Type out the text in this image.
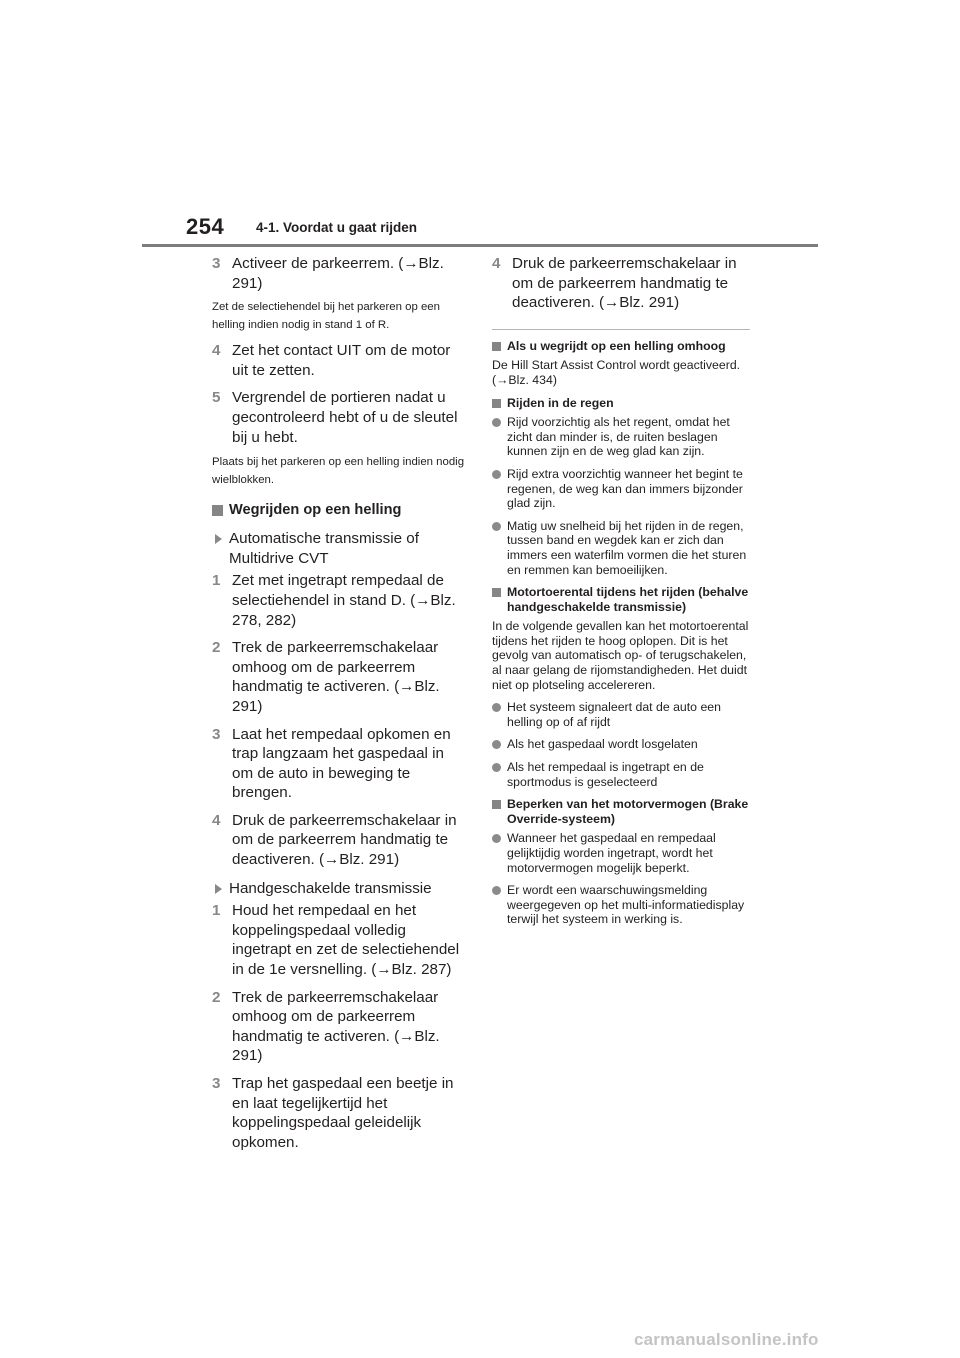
254 4-1. Voordat u gaat rijden
3 Activeer de parkeerrem. (→Blz. 291)
Zet de selectiehendel bij het parkeren op een helling indien nodig in stand 1 of R.
4 Zet het contact UIT om de motor uit te zetten.
5 Vergrendel de portieren nadat u gecontroleerd hebt of u de sleutel bij u hebt.
Plaats bij het parkeren op een helling indien nodig wielblokken.
Wegrijden op een helling
Automatische transmissie of Multidrive CVT
1 Zet met ingetrapt rempedaal de selectiehendel in stand D. (→Blz. 278, 282)
2 Trek de parkeerremschakelaar omhoog om de parkeerrem handmatig te activeren. (→Blz. 291)
3 Laat het rempedaal opkomen en trap langzaam het gaspedaal in om de auto in beweging te brengen.
4 Druk de parkeerremschakelaar in om de parkeerrem handmatig te deactiveren. (→Blz. 291)
Handgeschakelde transmissie
1 Houd het rempedaal en het koppelingspedaal volledig ingetrapt en zet de selectiehendel in de 1e versnelling. (→Blz. 287)
2 Trek de parkeerremschakelaar omhoog om de parkeerrem handmatig te activeren. (→Blz. 291)
3 Trap het gaspedaal een beetje in en laat tegelijkertijd het koppelingspedaal geleidelijk opkomen.
4 Druk de parkeerremschakelaar in om de parkeerrem handmatig te deactiveren. (→Blz. 291)
Als u wegrijdt op een helling omhoog
De Hill Start Assist Control wordt geactiveerd. (→Blz. 434)
Rijden in de regen
Rijd voorzichtig als het regent, omdat het zicht dan minder is, de ruiten beslagen kunnen zijn en de weg glad kan zijn.
Rijd extra voorzichtig wanneer het begint te regenen, de weg kan dan immers bijzonder glad zijn.
Matig uw snelheid bij het rijden in de regen, tussen band en wegdek kan er zich dan immers een waterfilm vormen die het sturen en remmen kan bemoeilijken.
Motortoerental tijdens het rijden (behalve handgeschakelde transmissie)
In de volgende gevallen kan het motortoerental tijdens het rijden te hoog oplopen. Dit is het gevolg van automatisch op- of terugschakelen, al naar gelang de rijomstandigheden. Het duidt niet op plotseling accelereren.
Het systeem signaleert dat de auto een helling op of af rijdt
Als het gaspedaal wordt losgelaten
Als het rempedaal is ingetrapt en de sportmodus is geselecteerd
Beperken van het motorvermogen (Brake Override-systeem)
Wanneer het gaspedaal en rempedaal gelijktijdig worden ingetrapt, wordt het motorvermogen mogelijk beperkt.
Er wordt een waarschuwingsmelding weergegeven op het multi-informatiedisplay terwijl het systeem in werking is.
carmanualsonline.info
